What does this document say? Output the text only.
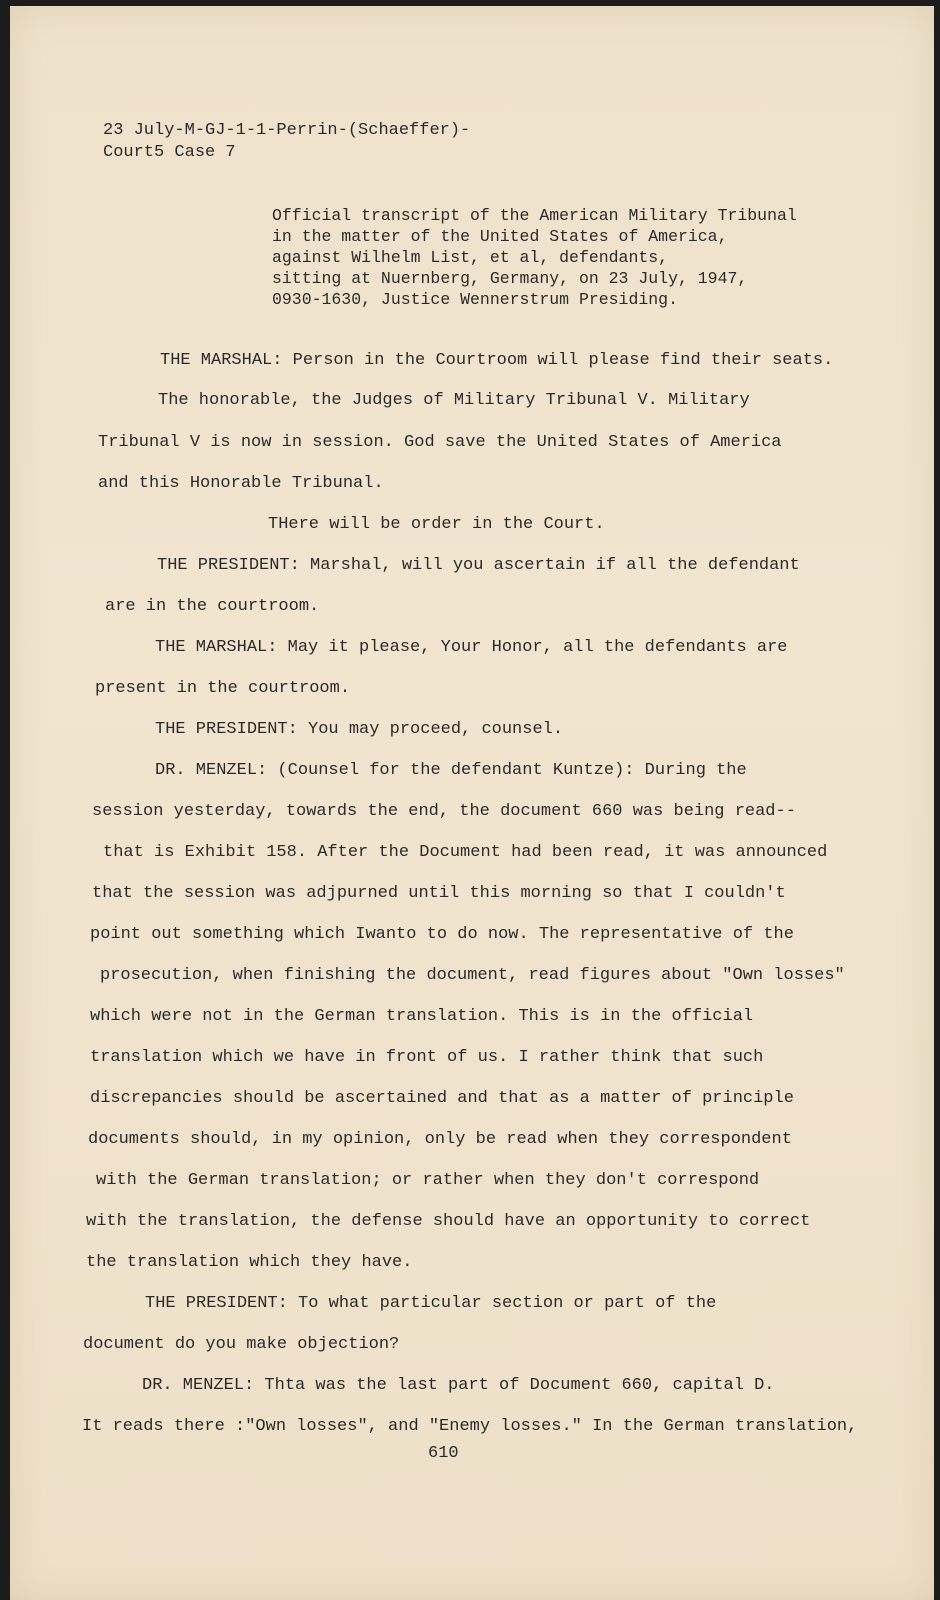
23 July-M-GJ-1-1-Perrin-(Schaeffer)-
Court5 Case 7
Official transcript of the American Military Tribunal
in the matter of the United States of America,
against Wilhelm List, et al, defendants,
sitting at Nuernberg, Germany, on 23 July, 1947,
0930-1630, Justice Wennerstrum Presiding.
THE MARSHAL: Person in the Courtroom will please find their seats.
The honorable, the Judges of Military Tribunal V. Military
Tribunal V is now in session. God save the United States of America
and this Honorable Tribunal.
THere will be order in the Court.
THE PRESIDENT: Marshal, will you ascertain if all the defendant
are in the courtroom.
THE MARSHAL: May it please, Your Honor, all the defendants are
present in the courtroom.
THE PRESIDENT: You may proceed, counsel.
DR. MENZEL: (Counsel for the defendant Kuntze): During the
session yesterday, towards the end, the document 660 was being read--
that is Exhibit 158. After the Document had been read, it was announced
that the session was adjpurned until this morning so that I couldn't
point out something which Iwanto to do now. The representative of the
prosecution, when finishing the document, read figures about "Own losses"
which were not in the German translation. This is in the official
translation which we have in front of us. I rather think that such
discrepancies should be ascertained and that as a matter of principle
documents should, in my opinion, only be read when they correspondent
with the German translation; or rather when they don't correspond
with the translation, the defense should have an opportunity to correct
the translation which they have.
THE PRESIDENT: To what particular section or part of the
document do you make objection?
DR. MENZEL: Thta was the last part of Document 660, capital D.
It reads there :"Own losses", and "Enemy losses." In the German translation,
610
